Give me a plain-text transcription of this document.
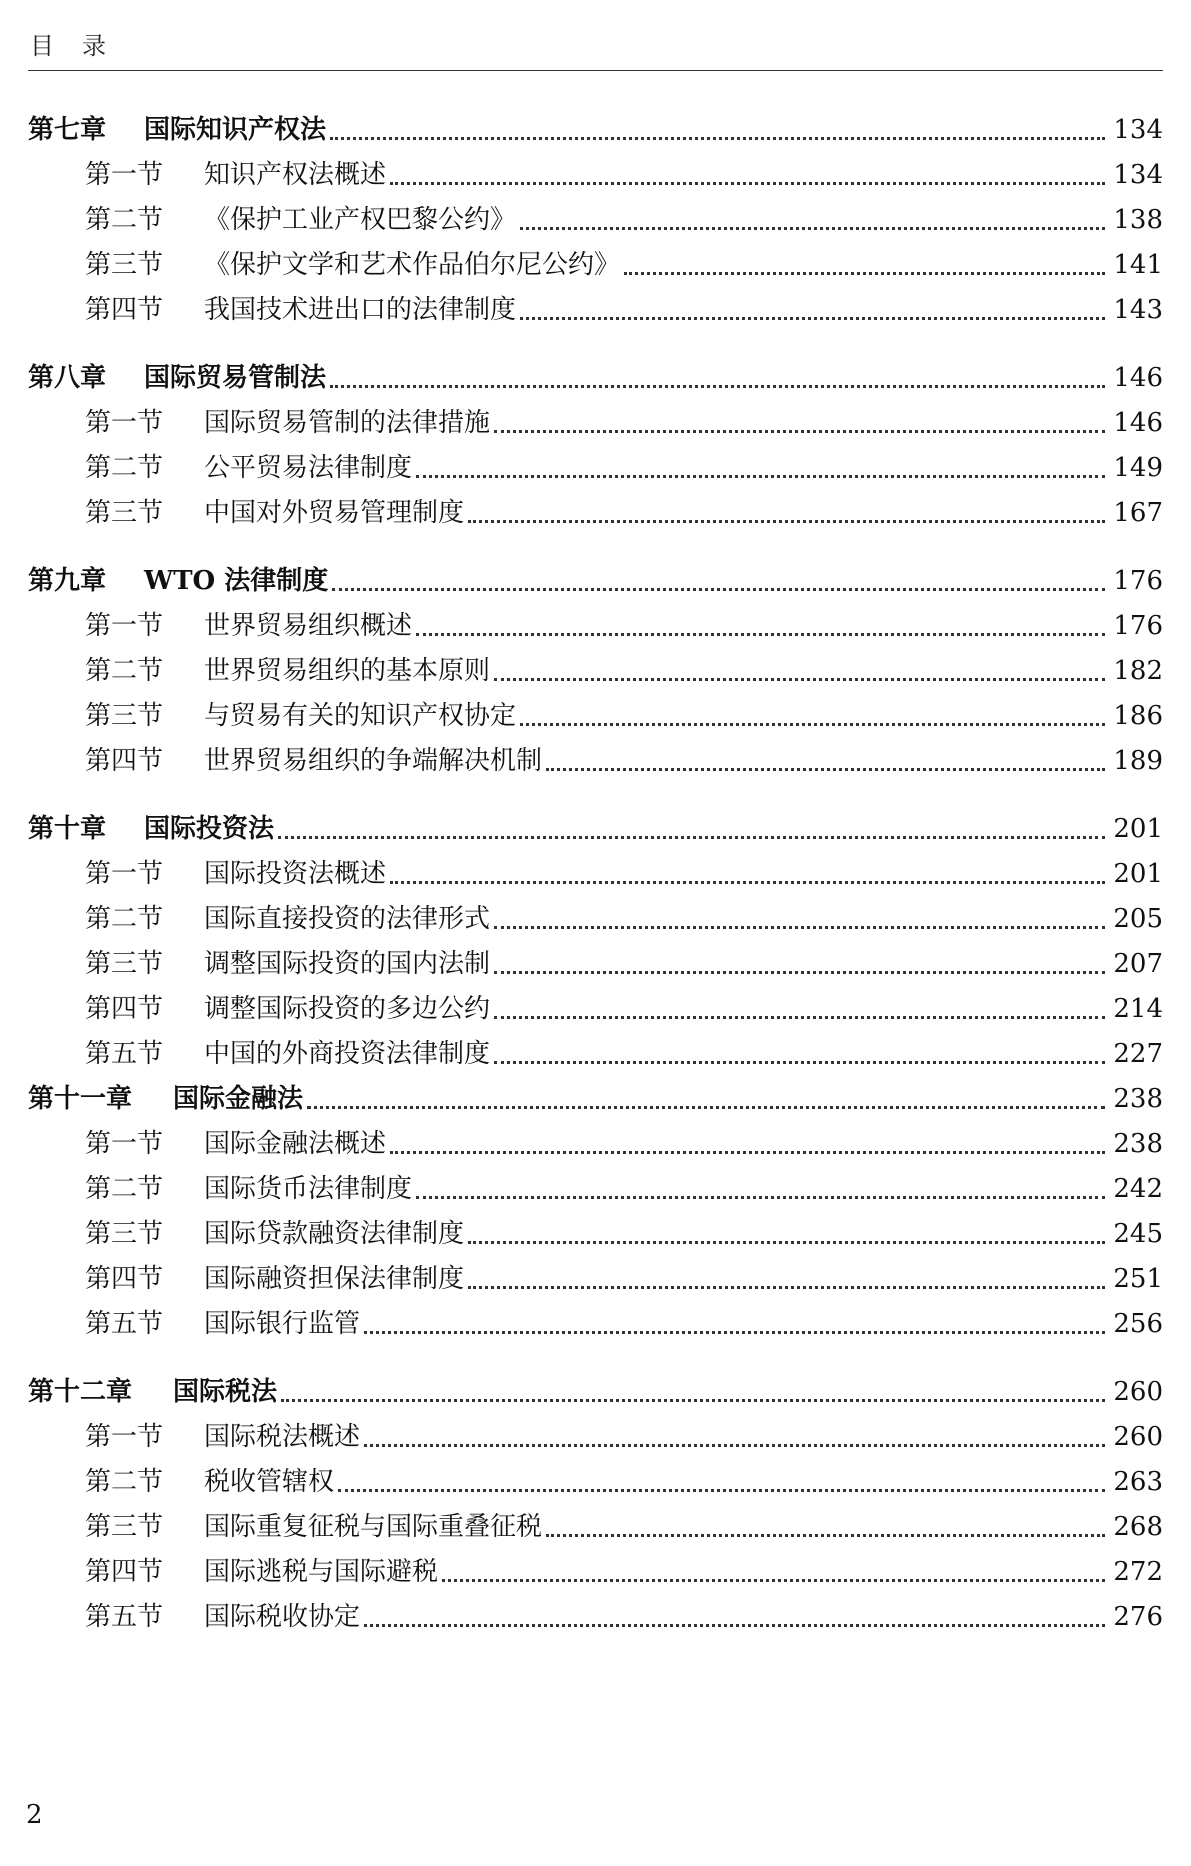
目录
第七章	国际知识产权法	134
第一节	知识产权法概述	134
第二节	《保护工业产权巴黎公约》	138
第三节	《保护文学和艺术作品伯尔尼公约》	141
第四节	我国技术进出口的法律制度	143
第八章	国际贸易管制法	146
第一节	国际贸易管制的法律措施	146
第二节	公平贸易法律制度	149
第三节	中国对外贸易管理制度	167
第九章	WTO 法律制度	176
第一节	世界贸易组织概述	176
第二节	世界贸易组织的基本原则	182
第三节	与贸易有关的知识产权协定	186
第四节	世界贸易组织的争端解决机制	189
第十章	国际投资法	201
第一节	国际投资法概述	201
第二节	国际直接投资的法律形式	205
第三节	调整国际投资的国内法制	207
第四节	调整国际投资的多边公约	214
第五节	中国的外商投资法律制度	227
第十一章	国际金融法	238
第一节	国际金融法概述	238
第二节	国际货币法律制度	242
第三节	国际贷款融资法律制度	245
第四节	国际融资担保法律制度	251
第五节	国际银行监管	256
第十二章	国际税法	260
第一节	国际税法概述	260
第二节	税收管辖权	263
第三节	国际重复征税与国际重叠征税	268
第四节	国际逃税与国际避税	272
第五节	国际税收协定	276
2
